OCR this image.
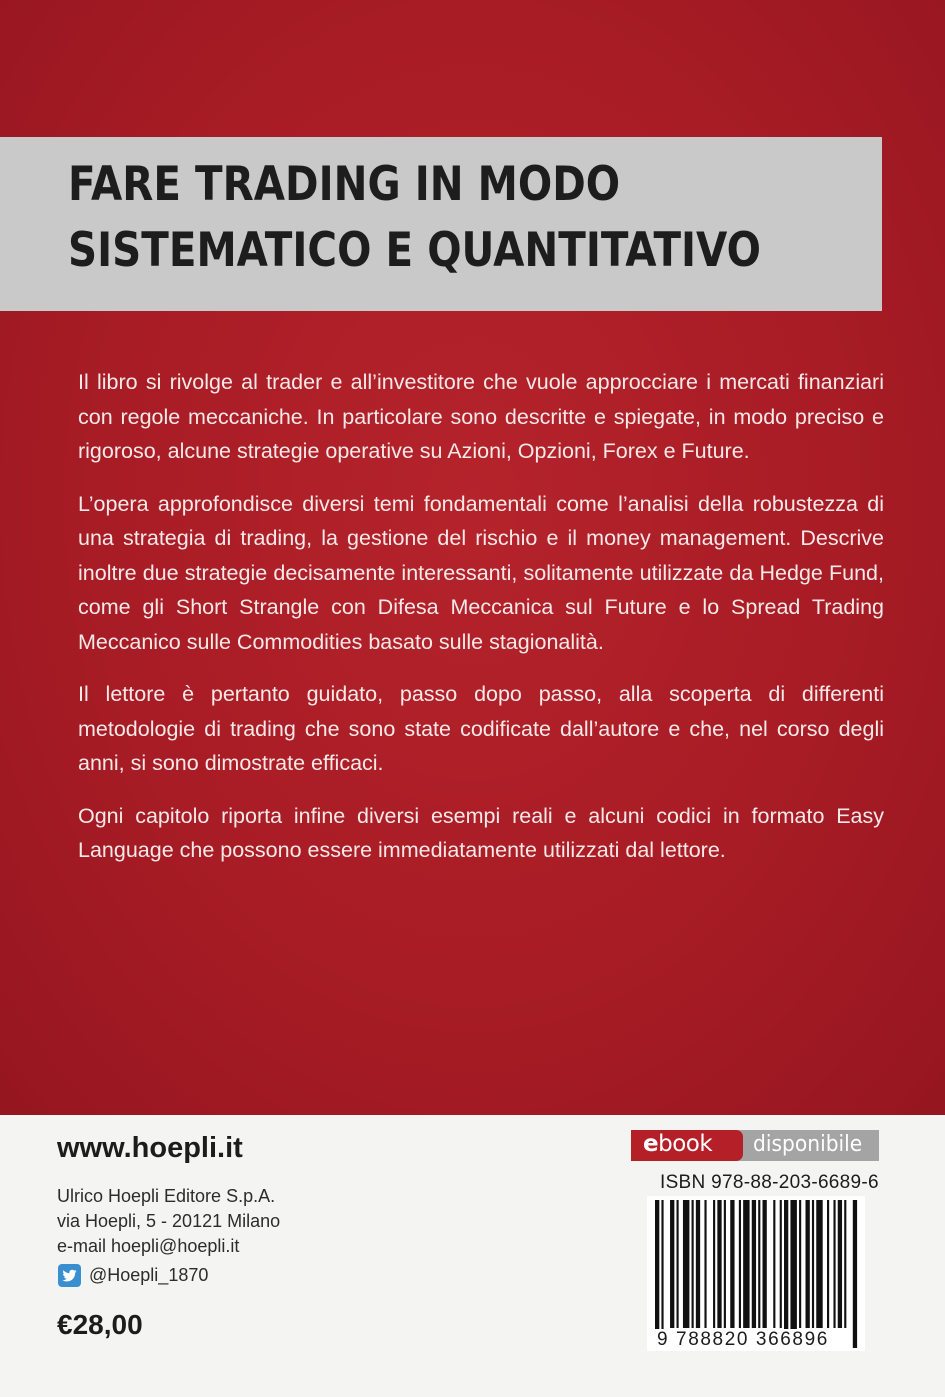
FARE TRADING IN MODO
SISTEMATICO E QUANTITATIVO

Il libro si rivolge al trader e all’investitore che vuole approcciare i mercati finanziari con regole meccaniche. In particolare sono descritte e spiegate, in modo preciso e rigoroso, alcune strategie operative su Azioni, Opzioni, Forex e Future.

L’opera approfondisce diversi temi fondamentali come l’analisi della robustezza di una strategia di trading, la gestione del rischio e il money management. Descrive inoltre due strategie decisamente interessanti, solitamente utilizzate da Hedge Fund, come gli Short Strangle con Difesa Meccanica sul Future e lo Spread Trading Meccanico sulle Commodities basato sulle stagionalità.

Il lettore è pertanto guidato, passo dopo passo, alla scoperta di differenti metodologie di trading che sono state codificate dall’autore e che, nel corso degli anni, si sono dimostrate efficaci.

Ogni capitolo riporta infine diversi esempi reali e alcuni codici in formato Easy Language che possono essere immediatamente utilizzati dal lettore.

www.hoepli.it
Ulrico Hoepli Editore S.p.A.
via Hoepli, 5 - 20121 Milano
e-mail hoepli@hoepli.it
@Hoepli_1870
€28,00
ebook disponibile
ISBN 978-88-203-6689-6
9 788820 366896
